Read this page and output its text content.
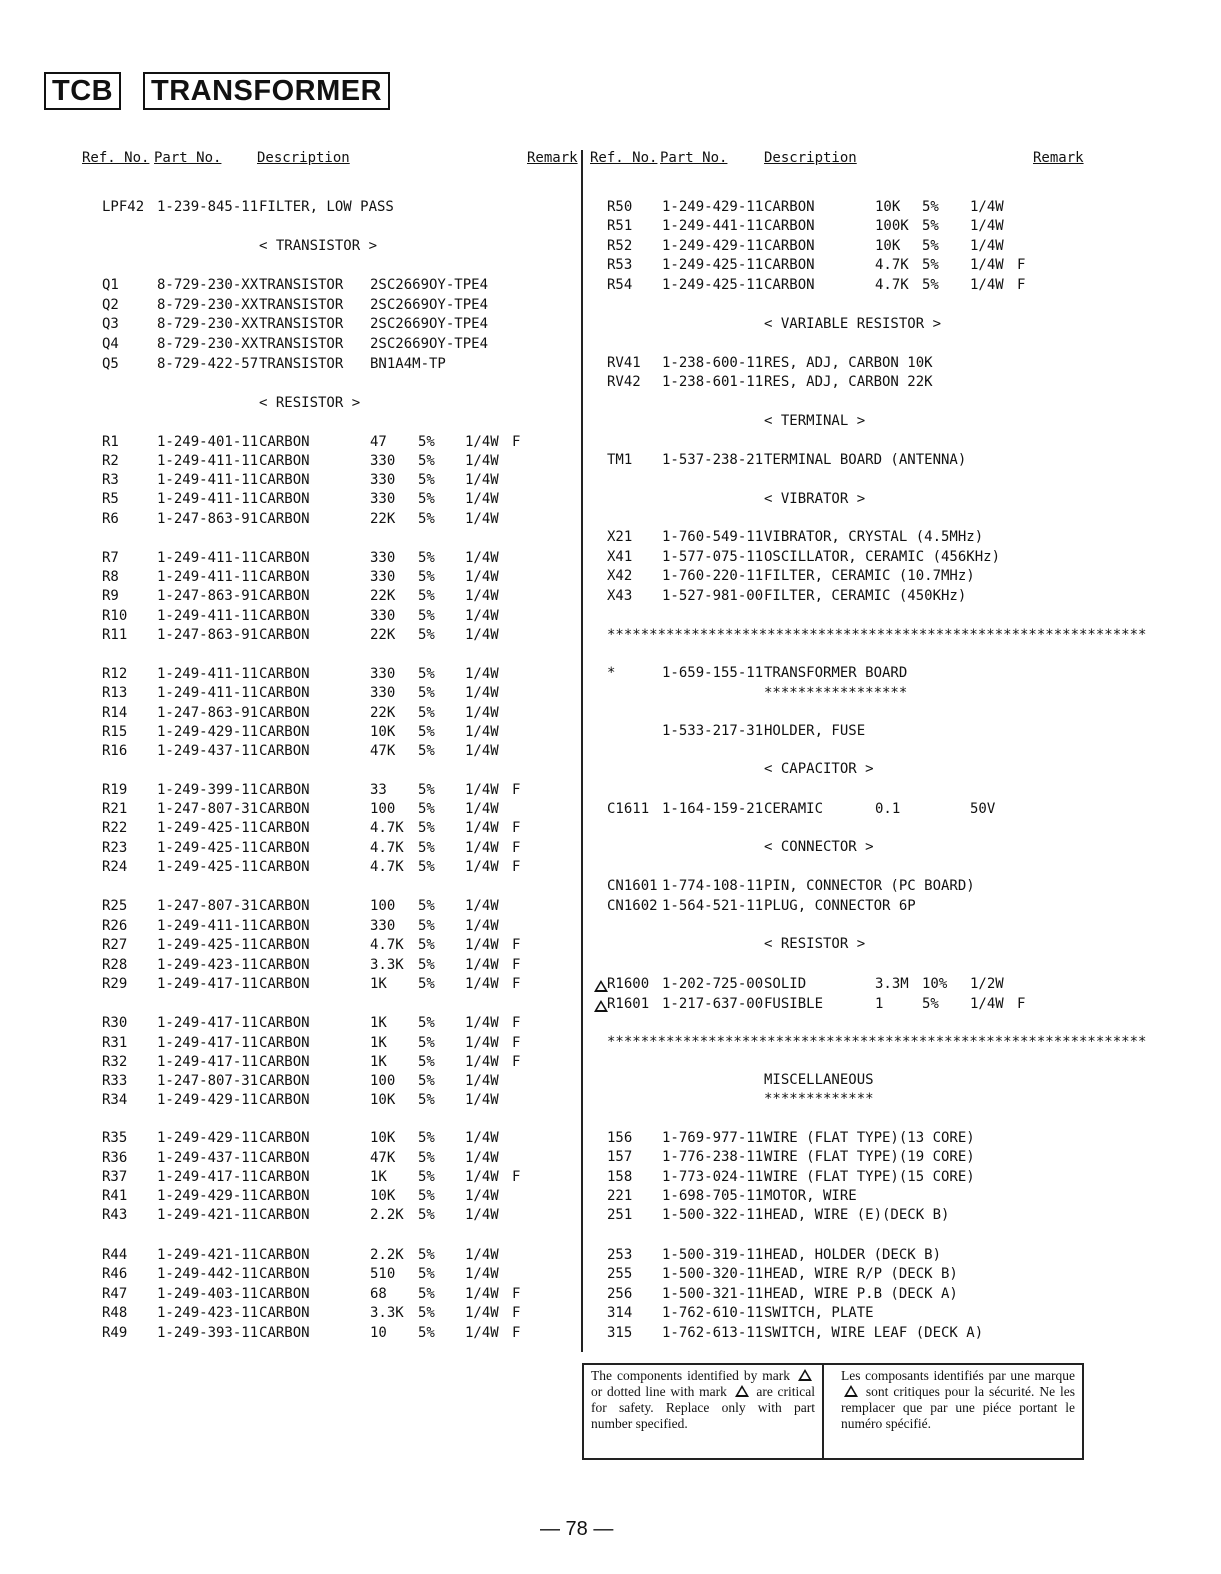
TCB TRANSFORMER
Ref. No. Part No.	Description	Remark Ref. No. Part No.	Description	Remark
LPF42 1-239-845-11 FILTER, LOW PASS
< TRANSISTOR >
Q1	8-729-230-XX TRANSISTOR 2SC2669OY-TPE4
Q2	8-729-230-XX TRANSISTOR 2SC2669OY-TPE4
Q3	8-729-230-XX TRANSISTOR 2SC2669OY-TPE4
Q4	8-729-230-XX TRANSISTOR 2SC2669OY-TPE4
Q5	8-729-422-57 TRANSISTOR BN1A4M-TP
< RESISTOR >
R1	1-249-401-11 CARBON	47 5% 1/4W F
R2	1-249-411-11 CARBON	330 5% 1/4W
R3	1-249-411-11 CARBON	330 5% 1/4W
R5	1-249-411-11 CARBON	330 5% 1/4W
R6	1-247-863-91 CARBON	22K 5% 1/4W
R7	1-249-411-11 CARBON	330 5% 1/4W
R8	1-249-411-11 CARBON	330 5% 1/4W
R9	1-247-863-91 CARBON	22K 5% 1/4W
R10 1-249-411-11 CARBON	330 5% 1/4W
R11 1-247-863-91 CARBON	22K 5% 1/4W
R12 1-249-411-11 CARBON	330 5% 1/4W
R13 1-249-411-11 CARBON	330 5% 1/4W
R14 1-247-863-91 CARBON	22K 5% 1/4W
R15 1-249-429-11 CARBON	10K 5% 1/4W
R16 1-249-437-11 CARBON	47K 5% 1/4W
R19 1-249-399-11 CARBON	33 5% 1/4W F
R21 1-247-807-31 CARBON	100 5% 1/4W
R22 1-249-425-11 CARBON	4.7K 5% 1/4W F
R23 1-249-425-11 CARBON	4.7K 5% 1/4W F
R24 1-249-425-11 CARBON	4.7K 5% 1/4W F
R25 1-247-807-31 CARBON	100 5% 1/4W
R26 1-249-411-11 CARBON	330 5% 1/4W
R27 1-249-425-11 CARBON	4.7K 5% 1/4W F
R28 1-249-423-11 CARBON	3.3K 5% 1/4W F
R29 1-249-417-11 CARBON	1K 5% 1/4W F
R30 1-249-417-11 CARBON	1K 5% 1/4W F
R31 1-249-417-11 CARBON	1K 5% 1/4W F
R32 1-249-417-11 CARBON	1K 5% 1/4W F
R33 1-247-807-31 CARBON	100 5% 1/4W
R34 1-249-429-11 CARBON	10K 5% 1/4W
R35 1-249-429-11 CARBON	10K 5% 1/4W
R36 1-249-437-11 CARBON	47K 5% 1/4W
R37 1-249-417-11 CARBON	1K 5% 1/4W F
R41 1-249-429-11 CARBON	10K 5% 1/4W
R43 1-249-421-11 CARBON	2.2K 5% 1/4W
R44 1-249-421-11 CARBON	2.2K 5% 1/4W
R46 1-249-442-11 CARBON	510 5% 1/4W
R47 1-249-403-11 CARBON	68 5% 1/4W F
R48 1-249-423-11 CARBON	3.3K 5% 1/4W F
R49 1-249-393-11 CARBON	10 5% 1/4W F
R50 1-249-429-11 CARBON	10K 5% 1/4W
R51 1-249-441-11 CARBON	100K 5% 1/4W
R52 1-249-429-11 CARBON	10K 5% 1/4W
R53 1-249-425-11 CARBON	4.7K 5% 1/4W F
R54 1-249-425-11 CARBON	4.7K 5% 1/4W F
< VARIABLE RESISTOR >
RV41 1-238-600-11 RES, ADJ, CARBON 10K
RV42 1-238-601-11 RES, ADJ, CARBON 22K
< TERMINAL >
TM1 1-537-238-21 TERMINAL BOARD (ANTENNA)
< VIBRATOR >
X21 1-760-549-11 VIBRATOR, CRYSTAL (4.5MHz)
X41 1-577-075-11 OSCILLATOR, CERAMIC (456KHz)
X42 1-760-220-11 FILTER, CERAMIC (10.7MHz)
X43 1-527-981-00 FILTER, CERAMIC (450KHz)
****************************************************************
*	1-659-155-11 TRANSFORMER BOARD
*****************
1-533-217-31 HOLDER, FUSE
< CAPACITOR >
C1611 1-164-159-21 CERAMIC	0.1	50V
< CONNECTOR >
CN1601 1-774-108-11 PIN, CONNECTOR (PC BOARD)
CN1602 1-564-521-11 PLUG, CONNECTOR 6P
< RESISTOR >
R1600 1-202-725-00 SOLID	3.3M 10% 1/2W
R1601 1-217-637-00 FUSIBLE	1	5% 1/4W F
****************************************************************
MISCELLANEOUS
*************
156 1-769-977-11 WIRE (FLAT TYPE)(13 CORE)
157 1-776-238-11 WIRE (FLAT TYPE)(19 CORE)
158 1-773-024-11 WIRE (FLAT TYPE)(15 CORE)
221 1-698-705-11 MOTOR, WIRE
251 1-500-322-11 HEAD, WIRE (E)(DECK B)
253 1-500-319-11 HEAD, HOLDER (DECK B)
255 1-500-320-11 HEAD, WIRE R/P (DECK B)
256 1-500-321-11 HEAD, WIRE P.B (DECK A)
314 1-762-610-11 SWITCH, PLATE
315 1-762-613-11 SWITCH, WIRE LEAF (DECK A)
The components identified by mark  or dotted line with mark are critical for safety. Replace only with part number specified.
Les composants identifiés par une marque  sont critiques pour la sécurité. Ne les remplacer que par une piéce portant le numéro spécifié.
— 78 —
